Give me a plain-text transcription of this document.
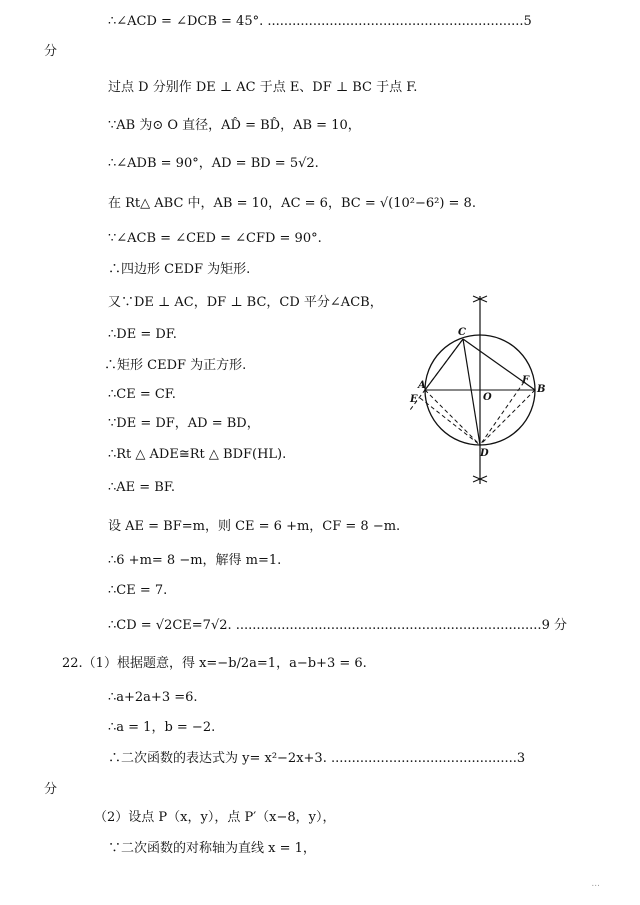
∴∠ACD = ∠DCB = 45°. ..............................................................5
分
过点 D 分别作 DE ⊥ AC 于点 E、DF ⊥ BC 于点 F.
∵AB 为⊙ O 直径，AD̂ = BD̂，AB = 10，
∴∠ADB = 90°，AD = BD = 5√2.
在 Rt△ ABC 中，AB = 10，AC = 6，BC = √(10²−6²) = 8.
∵∠ACB = ∠CED = ∠CFD = 90°.
∴四边形 CEDF 为矩形.
又∵DE ⊥ AC，DF ⊥ BC，CD 平分∠ACB，
∴DE = DF.
∴矩形 CEDF 为正方形.
∴CE = CF.
∵DE = DF，AD = BD，
∴Rt △ ADE≅Rt △ BDF(HL).
∴AE = BF.
设 AE = BF=m，则 CE = 6 +m，CF = 8 −m.
∴6 +m= 8 −m，解得 m=1.
∴CE = 7.
∴CD = √2CE=7√2. ..........................................................................9 分
22.（1）根据题意，得 x=−b/2a=1，a−b+3 = 6.
∴a+2a+3 =6.
∴a = 1，b = −2.
∴二次函数的表达式为 y= x²−2x+3. .............................................3
分
（2）设点 P（x，y），点 P′（x−8，y），
∵二次函数的对称轴为直线 x = 1，
C
A
E	O
F
B
D
...
